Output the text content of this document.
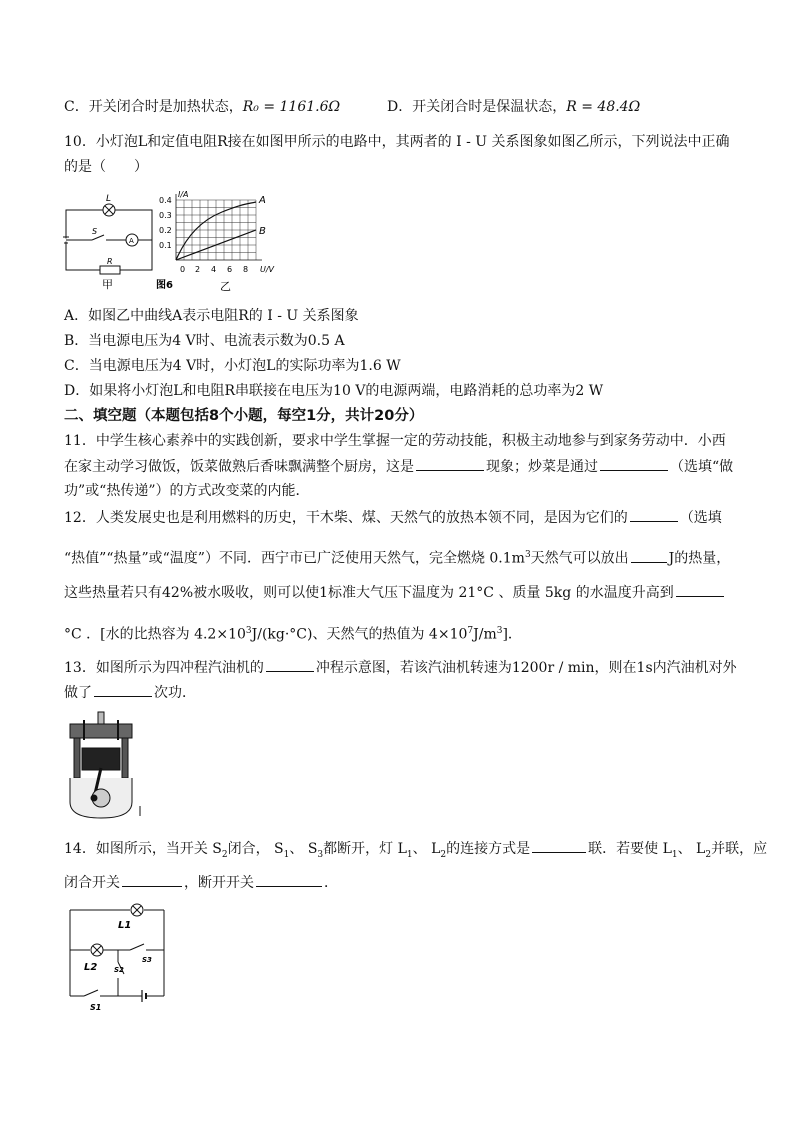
C．开关闭合时是加热状态，R₀ = 1161.6Ω	D．开关闭合时是保温状态，R = 48.4Ω
10．小灯泡L和定值电阻R接在如图甲所示的电路中，其两者的 I - U 关系图象如图乙所示，下列说法中正确
的是（　　）
L
S
A
R
甲
I/A
U/V
0.4
0.3
0.2
0.1
0 2 4 6 8
A
B
图6	乙
A．如图乙中曲线A表示电阻R的 I - U 关系图象
B．当电源电压为4 V时、电流表示数为0.5 A
C．当电源电压为4 V时，小灯泡L的实际功率为1.6 W
D．如果将小灯泡L和电阻R串联接在电压为10 V的电源两端，电路消耗的总功率为2 W
二、填空题（本题包括8个小题，每空1分，共计20分）
11．中学生核心素养中的实践创新，要求中学生掌握一定的劳动技能，积极主动地参与到家务劳动中．小西
在家主动学习做饭，饭菜做熟后香味飘满整个厨房，这是	现象；炒菜是通过	（选填“做
功”或“热传递”）的方式改变菜的内能．
12．人类发展史也是利用燃料的历史，干木柴、煤、天然气的放热本领不同，是因为它们的	（选填
“热值”“热量”或“温度”）不同．西宁市已广泛使用天然气，完全燃烧 $0.1m^3$天然气可以放出	J的热量，
这些热量若只有42%被水吸收，则可以使1标准大气压下温度为 21°C 、质量 5kg 的水温度升高到
°C ．[水的比热容为 $4.2\times 10^3J/(kg\cdot^\circ C)$、天然气的热值为 $4\times 10^7J/m^3$]．
13．如图所示为四冲程汽油机的	冲程示意图，若该汽油机转速为1200r / min，则在1s内汽油机对外
做了	次功．
14．如图所示，当开关 $S_2$闭合， $S_1$、 $S_3$都断开，灯 $L_1$、 $L_2$的连接方式是	联．若要使 $L_1$、 $L_2$并联，应
闭合开关	，断开开关	．
L1
L2 S2
S3
S1
